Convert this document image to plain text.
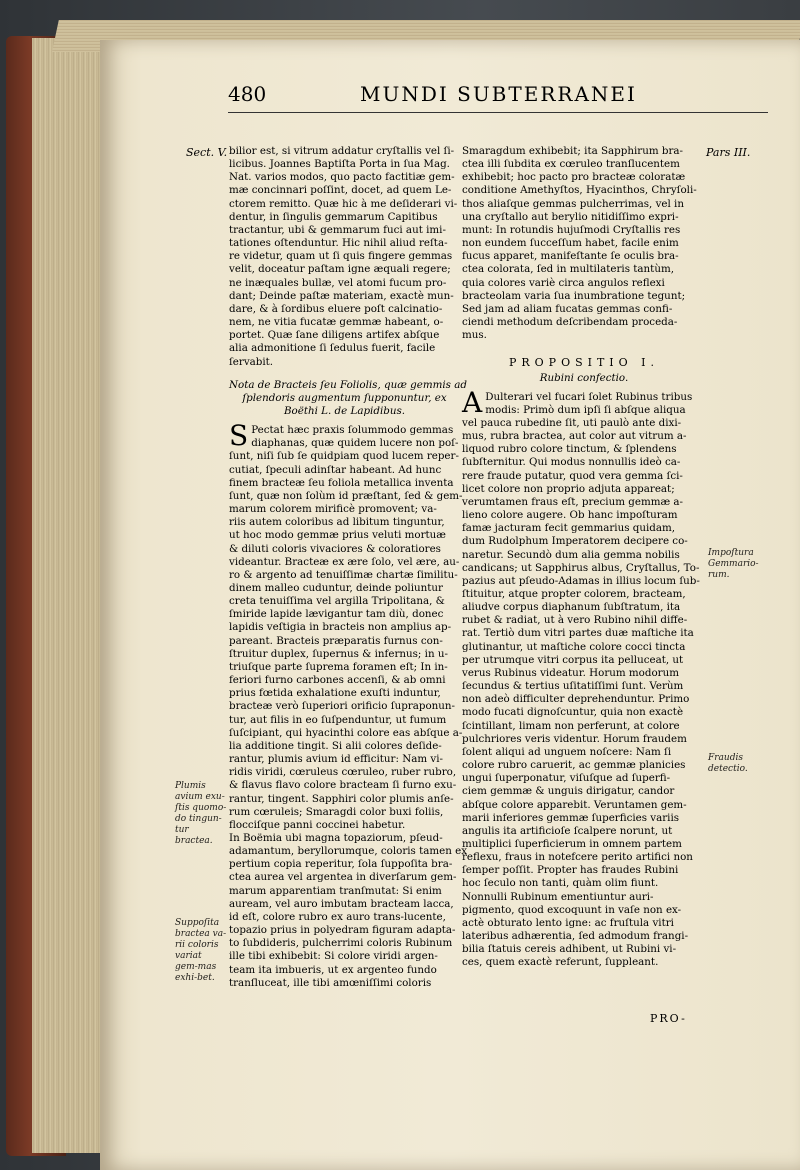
480	MUNDI SUBTERRANEI
Sect. V.	Pars III.

bilior est, si vitrum addatur cryſtallis vel ſi-
licibus. Joannes Baptiſta Porta in ſua Mag.
Nat. varios modos, quo pacto factitiæ gem-
mæ concinnari poſſint, docet, ad quem Le-
ctorem remitto. Quæ hic à me deſiderari vi-
dentur, in ſingulis gemmarum Capitibus
tractantur, ubi & gemmarum fuci aut imi-
tationes oſtenduntur. Hic nihil aliud reſta-
re videtur, quam ut ſi quis fingere gemmas
velit, doceatur paſtam igne æquali regere;
ne inæquales bullæ, vel atomi fucum pro-
dant; Deinde paſtæ materiam, exactè mun-
dare, & à ſordibus eluere poſt calcinatio-
nem, ne vitia fucatæ gemmæ habeant, o-
portet. Quæ ſane diligens artifex abſque
alia admonitione ſi ſedulus fuerit, facile
ſervabit.

Nota de Bracteis ſeu Foliolis, quæ gemmis ad
ſplendoris augmentum ſupponuntur, ex
Boëthi L. de Lapidibus.

S Pectat hæc praxis ſolummodo gemmas
diaphanas, quæ quidem lucere non poſ-
ſunt, niſi ſub ſe quidpiam quod lucem reper-
cutiat, ſpeculi adinſtar habeant. Ad hunc
finem bracteæ ſeu foliola metallica inventa
ſunt, quæ non ſolùm id præſtant, ſed & gem-
marum colorem mirificè promovent; va-
riis autem coloribus ad libitum tinguntur,
ut hoc modo gemmæ prius veluti mortuæ
& diluti coloris vivaciores & coloratiores
videantur. Bracteæ ex ære ſolo, vel ære, au-
ro & argento ad tenuiſſimæ chartæ ſimilitu-
dinem malleo cuduntur, deinde poliuntur
creta tenuiſſima vel argilla Tripolitana, &
ſmiride lapide lævigantur tam diù, donec
lapidis veſtigia in bracteis non amplius ap-
pareant. Bracteis præparatis furnus con-
ſtruitur duplex, ſupernus & infernus; in u-
triuſque parte ſuprema foramen eſt; In in-
feriori furno carbones accenſi, & ab omni
prius fœtida exhalatione exuſti induntur,
bracteæ verò ſuperiori orificio ſupraponun-
tur, aut filis in eo ſuſpenduntur, ut fumum
ſuſcipiant, qui hyacinthi colore eas abſque a-
lia additione tingit. Si alii colores deſide-
rantur, plumis avium id efficitur: Nam vi-
ridis viridi, cœruleus cœruleo, ruber rubro,
& flavus flavo colore bracteam ſi furno exu-
rantur, tingent. Sapphiri color plumis anſe-
rum cœruleis; Smaragdi color buxi foliis,
flocciſque panni coccinei habetur.

In Boëmia ubi magna topaziorum, pſeud-
adamantum, beryllorumque, coloris tamen ex
pertium copia reperitur, ſola ſuppoſita bra-
ctea aurea vel argentea in diverſarum gem-
marum apparentiam tranſmutat: Si enim
auream, vel auro imbutam bracteam lacca,
id eſt, colore rubro ex auro trans-lucente,
topazio prius in polyedram figuram adapta-
to ſubdideris, pulcherrimi coloris Rubinum
ille tibi exhibebit: Si colore viridi argen-
team ita imbueris, ut ex argenteo fundo
tranſluceat, ille tibi amœniſſimi coloris

Smaragdum exhibebit; ita Sapphirum bra-
ctea illi ſubdita ex cœruleo tranſlucentem
exhibebit; hoc pacto pro bracteæ coloratæ
conditione Amethyſtos, Hyacinthos, Chryſoli-
thos aliaſque gemmas pulcherrimas, vel in
una cryſtallo aut berylio nitidiſſimo expri-
munt: In rotundis hujuſmodi Cryſtallis res
non eundem ſucceſſum habet, facile enim
fucus apparet, manifeſtante ſe oculis bra-
ctea colorata, ſed in multilateris tantùm,
quia colores variè circa angulos reflexi
bracteolam varia ſua inumbratione tegunt;
Sed jam ad aliam fucatas gemmas confi-
ciendi methodum deſcribendam proceda-
mus.

PROPOSITIO I.
Rubini confectio.

A Dulterari vel fucari ſolet Rubinus tribus
modis: Primò dum ipſi ſi abſque aliqua
vel pauca rubedine ſit, uti paulò ante dixi-
mus, rubra bractea, aut color aut vitrum a-
liquod rubro colore tinctum, & ſplendens
ſubſternitur. Qui modus nonnullis ideò ca-
rere fraude putatur, quod vera gemma ſci-
licet colore non proprio adjuta appareat;
verumtamen fraus eſt, precium gemmæ a-
lieno colore augere. Ob hanc impoſturam
famæ jacturam fecit gemmarius quidam,
dum Rudolphum Imperatorem decipere co-
naretur. Secundò dum alia gemma nobilis
candicans; ut Sapphirus albus, Cryſtallus, To-
pazius aut pſeudo-Adamas in illius locum ſub-
ſtituitur, atque propter colorem, bracteam,
aliudve corpus diaphanum ſubſtratum, ita
rubet & radiat, ut à vero Rubino nihil diffe-
rat. Tertiò dum vitri partes duæ maſtiche ita
glutinantur, ut maſtiche colore cocci tincta
per utrumque vitri corpus ita pelluceat, ut
verus Rubinus videatur. Horum modorum
ſecundus & tertius uſitatiſſimi ſunt. Verùm
non adeò difficulter deprehenduntur. Primo
modo fucati dignoſcuntur, quia non exactè
ſcintillant, limam non perferunt, at colore
pulchriores veris videntur. Horum fraudem
ſolent aliqui ad unguem noſcere: Nam ſi
colore rubro caruerit, ac gemmæ planicies
ungui ſuperponatur, viſuſque ad ſuperfi-
ciem gemmæ & unguis dirigatur, candor
abſque colore apparebit. Veruntamen gem-
marii inferiores gemmæ ſuperficies variis
angulis ita artificioſe ſcalpere norunt, ut
multiplici ſuperficierum in omnem partem
reflexu, fraus in notefcere perito artifici non
ſemper poſſit. Propter has fraudes Rubini
hoc ſeculo non tanti, quàm olim fiunt.

Nonnulli Rubinum ementiuntur auri-
pigmento, quod excoquunt in vaſe non ex-
actè obturato lento igne: ac fruſtula vitri
lateribus adhærentia, ſed admodum frangi-
bilia ſtatuis cereis adhibent, ut Rubini vi-
ces, quem exactè referunt, ſuppleant.

Plumis avium exu-ſtis quomo-do tingun-tur bractea.
Suppoſita bractea va-rii coloris variat gem-mas exhi-bet.
Impoſtura Gemmario-rum.
Fraudis detectio.
PRO-
